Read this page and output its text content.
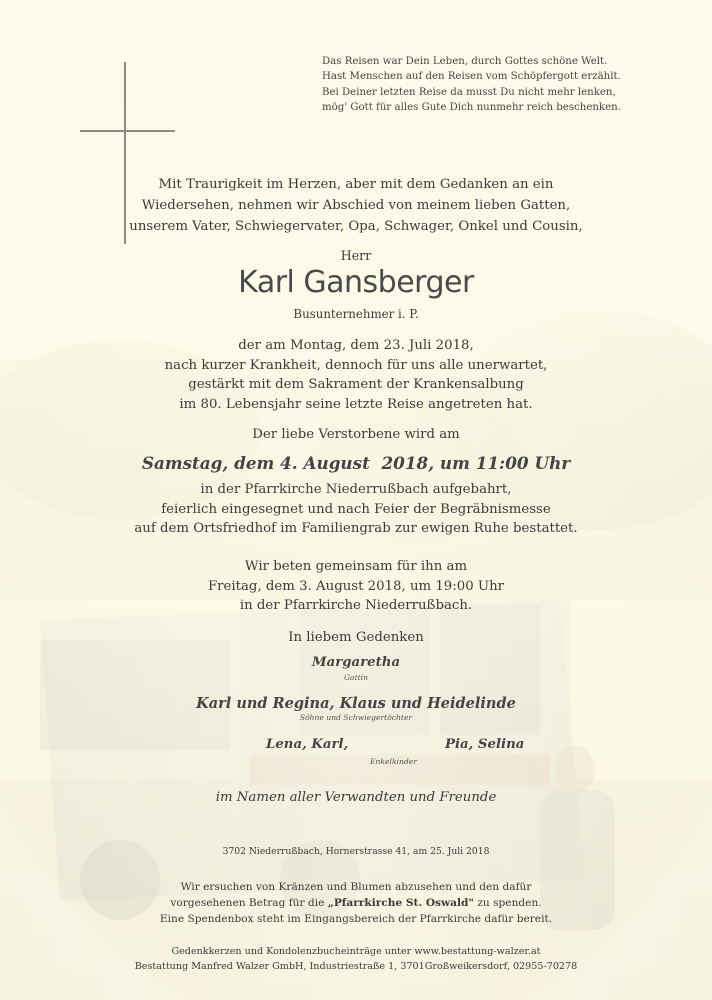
Das Reisen war Dein Leben, durch Gottes schöne Welt.
Hast Menschen auf den Reisen vom Schöpfergott erzählt.
Bei Deiner letzten Reise da musst Du nicht mehr lenken,
mög' Gott für alles Gute Dich nunmehr reich beschenken.
Mit Traurigkeit im Herzen, aber mit dem Gedanken an ein
Wiedersehen, nehmen wir Abschied von meinem lieben Gatten,
unserem Vater, Schwiegervater, Opa, Schwager, Onkel und Cousin,
Herr
Karl Gansberger
Busunternehmer i. P.
der am Montag, dem 23. Juli 2018,
nach kurzer Krankheit, dennoch für uns alle unerwartet,
gestärkt mit dem Sakrament der Krankensalbung
im 80. Lebensjahr seine letzte Reise angetreten hat.
Der liebe Verstorbene wird am
Samstag, dem 4. August  2018, um 11:00 Uhr
in der Pfarrkirche Niederrußbach aufgebahrt,
feierlich eingesegnet und nach Feier der Begräbnismesse
auf dem Ortsfriedhof im Familiengrab zur ewigen Ruhe bestattet.
Wir beten gemeinsam für ihn am
Freitag, dem 3. August 2018, um 19:00 Uhr
in der Pfarrkirche Niederrußbach.
In liebem Gedenken
Margaretha
Gattin
Karl und Regina, Klaus und Heidelinde
Söhne und Schwiegertöchter
Lena, Karl,	Pia, Selina
Enkelkinder
im Namen aller Verwandten und Freunde
3702 Niederrußbach, Hornerstrasse 41, am 25. Juli 2018
Wir ersuchen von Kränzen und Blumen abzusehen und den dafür
vorgesehenen Betrag für die „Pfarrkirche St. Oswald" zu spenden.
Eine Spendenbox steht im Eingangsbereich der Pfarrkirche dafür bereit.
Gedenkkerzen und Kondolenzbucheinträge unter www.bestattung-walzer.at
Bestattung Manfred Walzer GmbH, Industriestraße 1, 3701Großweikersdorf, 02955-70278
